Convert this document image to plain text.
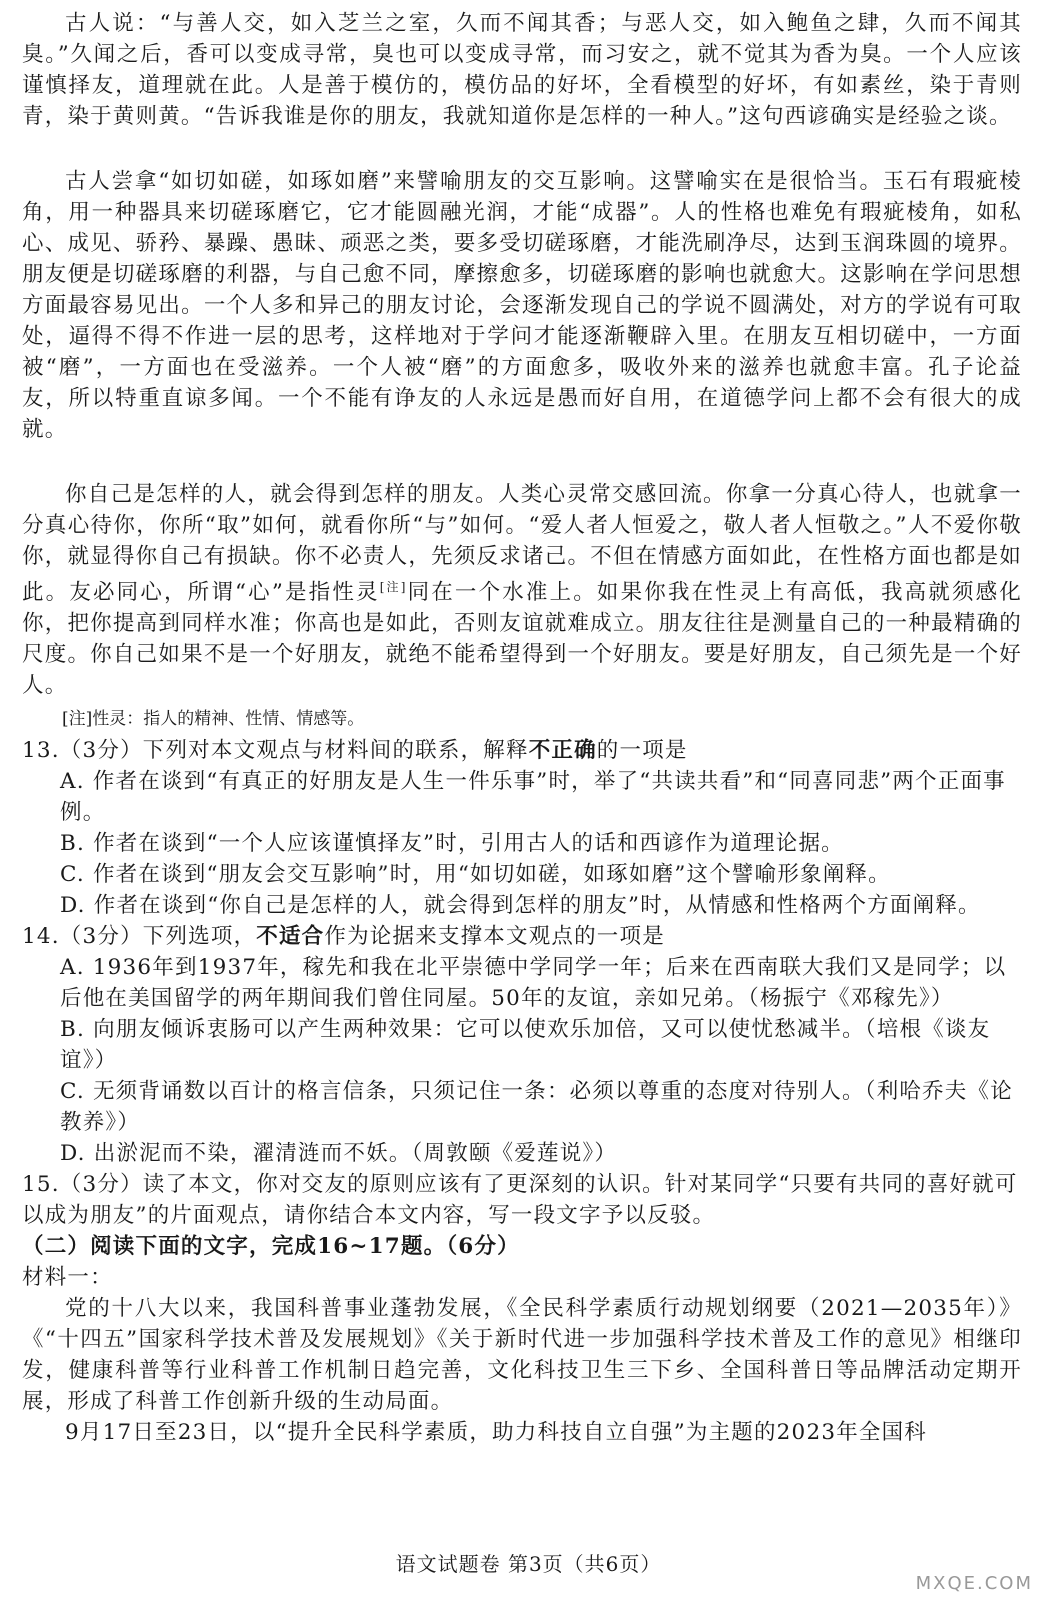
古人说：“与善人交，如入芝兰之室，久而不闻其香；与恶人交，如入鲍鱼之肆，久而不闻其臭。”久闻之后，香可以变成寻常，臭也可以变成寻常，而习安之，就不觉其为香为臭。一个人应该谨慎择友，道理就在此。人是善于模仿的，模仿品的好坏，全看模型的好坏，有如素丝，染于青则青，染于黄则黄。“告诉我谁是你的朋友，我就知道你是怎样的一种人。”这句西谚确实是经验之谈。

古人尝拿“如切如磋，如琢如磨”来譬喻朋友的交互影响。这譬喻实在是很恰当。玉石有瑕疵棱角，用一种器具来切磋琢磨它，它才能圆融光润，才能“成器”。人的性格也难免有瑕疵棱角，如私心、成见、骄矜、暴躁、愚昧、顽恶之类，要多受切磋琢磨，才能洗刷净尽，达到玉润珠圆的境界。朋友便是切磋琢磨的利器，与自己愈不同，摩擦愈多，切磋琢磨的影响也就愈大。这影响在学问思想方面最容易见出。一个人多和异己的朋友讨论，会逐渐发现自己的学说不圆满处，对方的学说有可取处，逼得不得不作进一层的思考，这样地对于学问才能逐渐鞭辟入里。在朋友互相切磋中，一方面被“磨”，一方面也在受滋养。一个人被“磨”的方面愈多，吸收外来的滋养也就愈丰富。孔子论益友，所以特重直谅多闻。一个不能有诤友的人永远是愚而好自用，在道德学问上都不会有很大的成就。

你自己是怎样的人，就会得到怎样的朋友。人类心灵常交感回流。你拿一分真心待人，也就拿一分真心待你，你所“取”如何，就看你所“与”如何。“爱人者人恒爱之，敬人者人恒敬之。”人不爱你敬你，就显得你自己有损缺。你不必责人，先须反求诸己。不但在情感方面如此，在性格方面也都是如此。友必同心，所谓“心”是指性灵[注]同在一个水准上。如果你我在性灵上有高低，我高就须感化你，把你提高到同样水准；你高也是如此，否则友谊就难成立。朋友往往是测量自己的一种最精确的尺度。你自己如果不是一个好朋友，就绝不能希望得到一个好朋友。要是好朋友，自己须先是一个好人。

[注]性灵：指人的精神、性情、情感等。

13.（3分）下列对本文观点与材料间的联系，解释不正确的一项是

A. 作者在谈到“有真正的好朋友是人生一件乐事”时，举了“共读共看”和“同喜同悲”两个正面事例。

B. 作者在谈到“一个人应该谨慎择友”时，引用古人的话和西谚作为道理论据。

C. 作者在谈到“朋友会交互影响”时，用“如切如磋，如琢如磨”这个譬喻形象阐释。

D. 作者在谈到“你自己是怎样的人，就会得到怎样的朋友”时，从情感和性格两个方面阐释。

14.（3分）下列选项，不适合作为论据来支撑本文观点的一项是

A. 1936年到1937年，稼先和我在北平崇德中学同学一年；后来在西南联大我们又是同学；以后他在美国留学的两年期间我们曾住同屋。50年的友谊，亲如兄弟。（杨振宁《邓稼先》）

B. 向朋友倾诉衷肠可以产生两种效果：它可以使欢乐加倍，又可以使忧愁减半。（培根《谈友谊》）

C. 无须背诵数以百计的格言信条，只须记住一条：必须以尊重的态度对待别人。（利哈乔夫《论教养》）

D. 出淤泥而不染，濯清涟而不妖。（周敦颐《爱莲说》）

15.（3分）读了本文，你对交友的原则应该有了更深刻的认识。针对某同学“只要有共同的喜好就可以成为朋友”的片面观点，请你结合本文内容，写一段文字予以反驳。

（二）阅读下面的文字，完成16~17题。（6分）

材料一：

党的十八大以来，我国科普事业蓬勃发展，《全民科学素质行动规划纲要（2021—2035年）》《“十四五”国家科学技术普及发展规划》《关于新时代进一步加强科学技术普及工作的意见》相继印发，健康科普等行业科普工作机制日趋完善，文化科技卫生三下乡、全国科普日等品牌活动定期开展，形成了科普工作创新升级的生动局面。

9月17日至23日，以“提升全民科学素质，助力科技自立自强”为主题的2023年全国科

语文试题卷 第3页（共6页）
MXQE.COM
